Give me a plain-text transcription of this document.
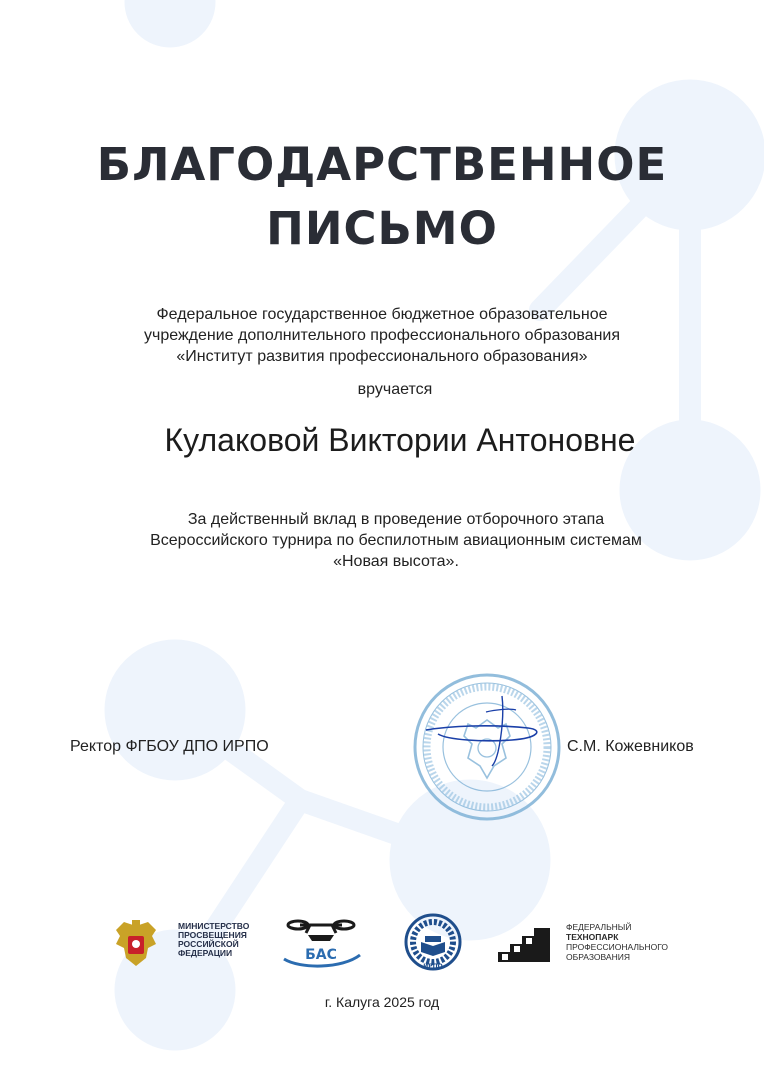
БЛАГОДАРСТВЕННОЕ
ПИСЬМО
Федеральное государственное бюджетное образовательное
учреждение дополнительного профессионального образования
«Институт развития профессионального образования»
вручается
Кулаковой Виктории Антоновне
За действенный вклад в проведение отборочного этапа
Всероссийского турнира по беспилотным авиационным системам
«Новая высота».
Ректор ФГБОУ ДПО ИРПО	С.М. Кожевников
МИНИСТЕРСТВО
ПРОСВЕЩЕНИЯ
РОССИЙСКОЙ
ФЕДЕРАЦИИ	БАС
ИРПО
ФЕДЕРАЛЬНЫЙ
ТЕХНОПАРК
ПРОФЕССИОНАЛЬНОГО
ОБРАЗОВАНИЯ
г. Калуга 2025 год
